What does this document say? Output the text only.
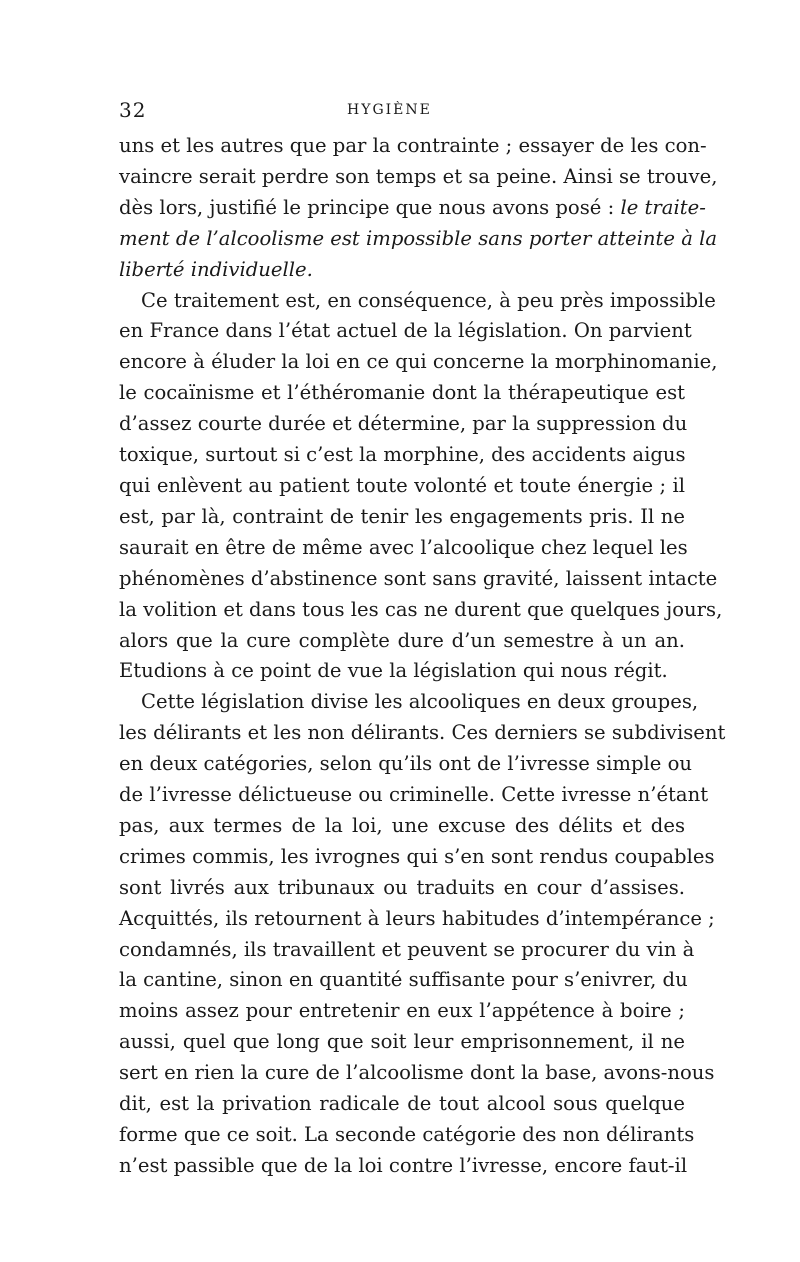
32	HYGIÈNE
uns et les autres que par la contrainte ; essayer de les con-
vaincre serait perdre son temps et sa peine. Ainsi se trouve,
dès lors, justifié le principe que nous avons posé : le traite-
ment de l’alcoolisme est impossible sans porter atteinte à la
liberté individuelle.
Ce traitement est, en conséquence, à peu près impossible
en France dans l’état actuel de la législation. On parvient
encore à éluder la loi en ce qui concerne la morphinomanie,
le cocaïnisme et l’éthéromanie dont la thérapeutique est
d’assez courte durée et détermine, par la suppression du
toxique, surtout si c’est la morphine, des accidents aigus
qui enlèvent au patient toute volonté et toute énergie ; il
est, par là, contraint de tenir les engagements pris. Il ne
saurait en être de même avec l’alcoolique chez lequel les
phénomènes d’abstinence sont sans gravité, laissent intacte
la volition et dans tous les cas ne durent que quelques jours,
alors que la cure complète dure d’un semestre à un an.
Etudions à ce point de vue la législation qui nous régit.
Cette législation divise les alcooliques en deux groupes,
les délirants et les non délirants. Ces derniers se subdivisent
en deux catégories, selon qu’ils ont de l’ivresse simple ou
de l’ivresse délictueuse ou criminelle. Cette ivresse n’étant
pas, aux termes de la loi, une excuse des délits et des
crimes commis, les ivrognes qui s’en sont rendus coupables
sont livrés aux tribunaux ou traduits en cour d’assises.
Acquittés, ils retournent à leurs habitudes d’intempérance ;
condamnés, ils travaillent et peuvent se procurer du vin à
la cantine, sinon en quantité suffisante pour s’enivrer, du
moins assez pour entretenir en eux l’appétence à boire ;
aussi, quel que long que soit leur emprisonnement, il ne
sert en rien la cure de l’alcoolisme dont la base, avons-nous
dit, est la privation radicale de tout alcool sous quelque
forme que ce soit. La seconde catégorie des non délirants
n’est passible que de la loi contre l’ivresse, encore faut-il
